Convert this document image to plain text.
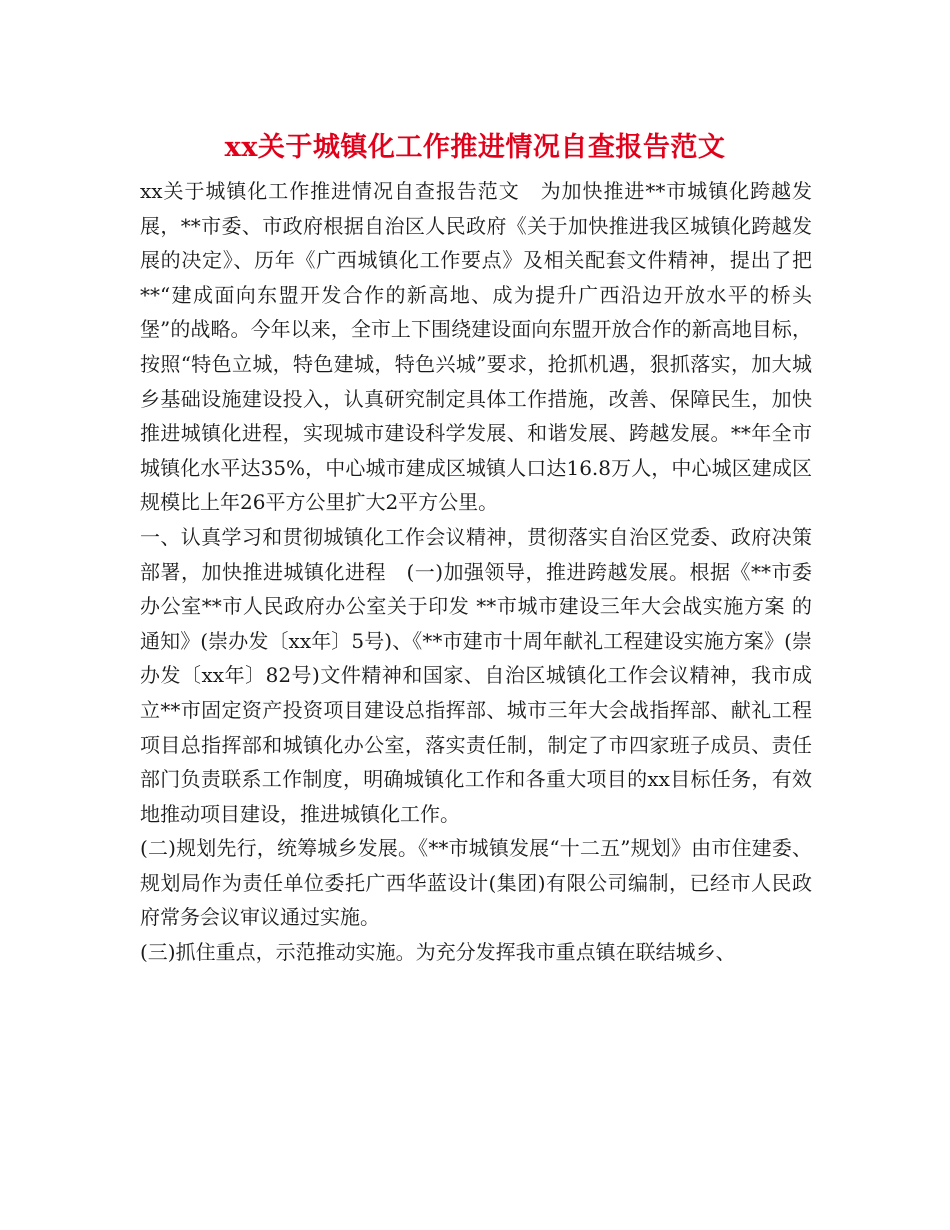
xx关于城镇化工作推进情况自查报告范文

xx关于城镇化工作推进情况自查报告范文　为加快推进**市城镇化跨越发展，**市委、市政府根据自治区人民政府《关于加快推进我区城镇化跨越发展的决定》、历年《广西城镇化工作要点》及相关配套文件精神，提出了把**“建成面向东盟开发合作的新高地、成为提升广西沿边开放水平的桥头堡”的战略。今年以来，全市上下围绕建设面向东盟开放合作的新高地目标，按照“特色立城，特色建城，特色兴城”要求，抢抓机遇，狠抓落实，加大城乡基础设施建设投入，认真研究制定具体工作措施，改善、保障民生，加快推进城镇化进程，实现城市建设科学发展、和谐发展、跨越发展。**年全市城镇化水平达35%，中心城市建成区城镇人口达16.8万人，中心城区建成区规模比上年26平方公里扩大2平方公里。

一、认真学习和贯彻城镇化工作会议精神，贯彻落实自治区党委、政府决策部署，加快推进城镇化进程　(一)加强领导，推进跨越发展。根据《**市委办公室**市人民政府办公室关于印发 **市城市建设三年大会战实施方案 的通知》(崇办发〔xx年〕5号)、《**市建市十周年献礼工程建设实施方案》(崇办发〔xx年〕82号)文件精神和国家、自治区城镇化工作会议精神，我市成立**市固定资产投资项目建设总指挥部、城市三年大会战指挥部、献礼工程项目总指挥部和城镇化办公室，落实责任制，制定了市四家班子成员、责任部门负责联系工作制度，明确城镇化工作和各重大项目的xx目标任务，有效地推动项目建设，推进城镇化工作。

(二)规划先行，统筹城乡发展。《**市城镇发展“十二五”规划》由市住建委、规划局作为责任单位委托广西华蓝设计(集团)有限公司编制，已经市人民政府常务会议审议通过实施。

(三)抓住重点，示范推动实施。为充分发挥我市重点镇在联结城乡、
